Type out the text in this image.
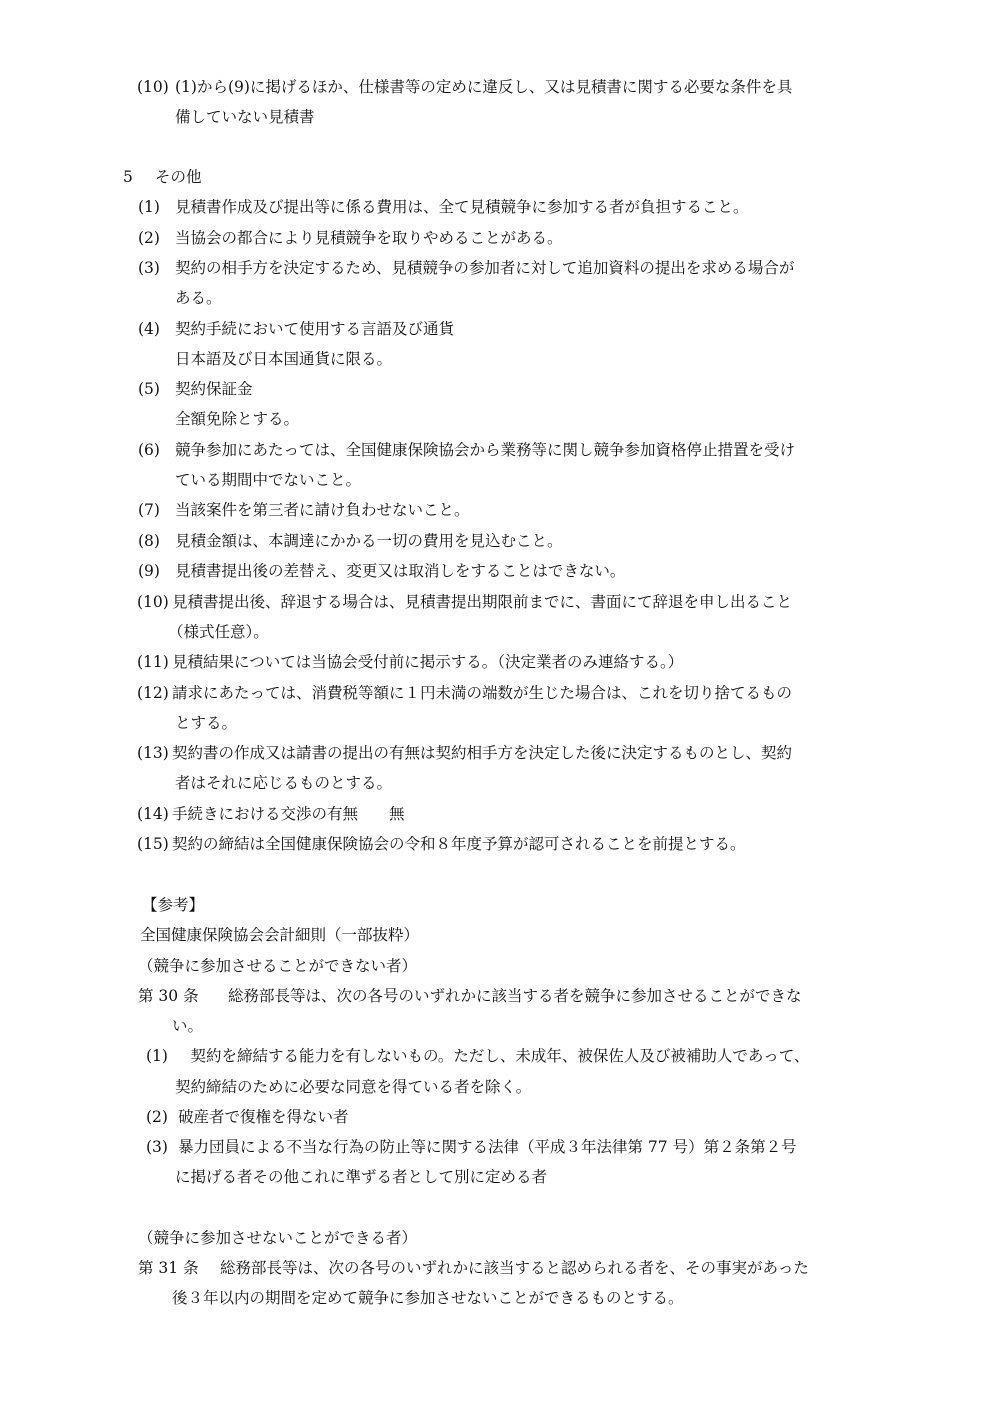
(10) (1)から(9)に掲げるほか、仕様書等の定めに違反し、又は見積書に関する必要な条件を具
備していない見積書
5 その他
(1) 見積書作成及び提出等に係る費用は、全て見積競争に参加する者が負担すること。
(2) 当協会の都合により見積競争を取りやめることがある。
(3) 契約の相手方を決定するため、見積競争の参加者に対して追加資料の提出を求める場合が
ある。
(4) 契約手続において使用する言語及び通貨
日本語及び日本国通貨に限る。
(5) 契約保証金
全額免除とする。
(6) 競争参加にあたっては、全国健康保険協会から業務等に関し競争参加資格停止措置を受け
ている期間中でないこと。
(7) 当該案件を第三者に請け負わせないこと。
(8) 見積金額は、本調達にかかる一切の費用を見込むこと。
(9) 見積書提出後の差替え、変更又は取消しをすることはできない。
(10) 見積書提出後、辞退する場合は、見積書提出期限前までに、書面にて辞退を申し出ること
（様式任意）。
(11) 見積結果については当協会受付前に掲示する。（決定業者のみ連絡する。）
(12) 請求にあたっては、消費税等額に１円未満の端数が生じた場合は、これを切り捨てるもの
とする。
(13) 契約書の作成又は請書の提出の有無は契約相手方を決定した後に決定するものとし、契約
者はそれに応じるものとする。
(14) 手続きにおける交渉の有無　　無
(15) 契約の締結は全国健康保険協会の令和８年度予算が認可されることを前提とする。
【参考】
全国健康保険協会会計細則（一部抜粋）
（競争に参加させることができない者）
第 30 条 総務部長等は、次の各号のいずれかに該当する者を競争に参加させることができな
い。
(1) 　契約を締結する能力を有しないもの。ただし、未成年、被保佐人及び被補助人であって、
契約締結のために必要な同意を得ている者を除く。
(2) 破産者で復権を得ない者
(3) 暴力団員による不当な行為の防止等に関する法律（平成３年法律第 77 号）第２条第２号
に掲げる者その他これに準ずる者として別に定める者
（競争に参加させないことができる者）
第 31 条 総務部長等は、次の各号のいずれかに該当すると認められる者を、その事実があった
後３年以内の期間を定めて競争に参加させないことができるものとする。
